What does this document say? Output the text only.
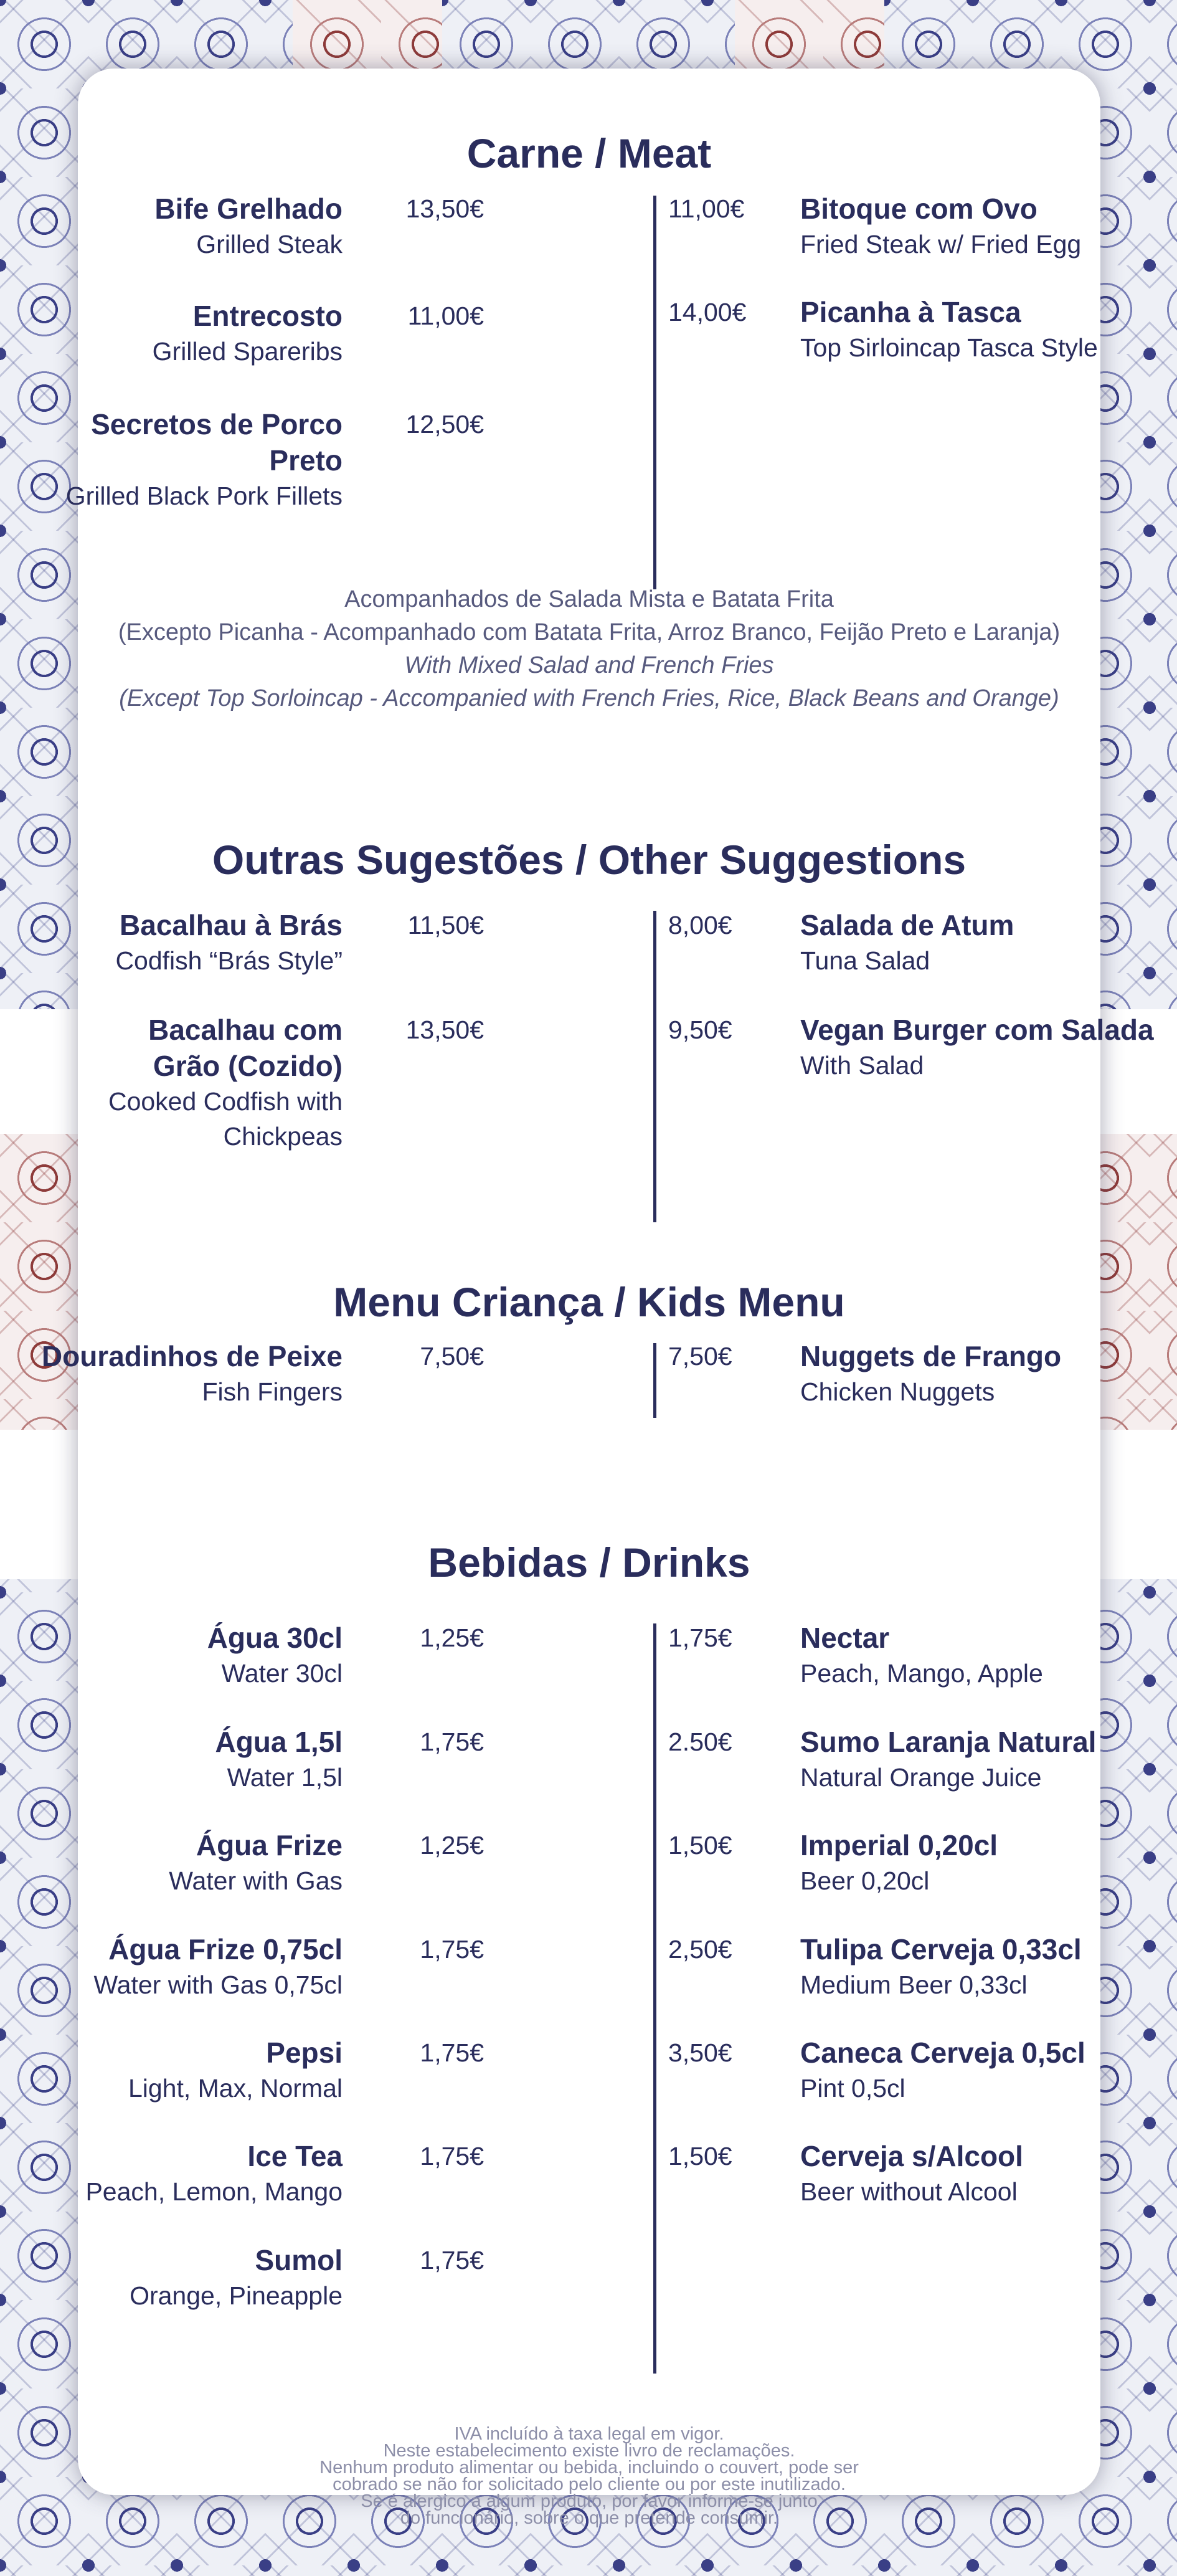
Carne / Meat
Bife Grelhado
Grilled Steak
13,50€	11,00€ Bitoque com Ovo
Fried Steak w/ Fried Egg
Entrecosto
Grilled Spareribs
11,00€	14,00€ Picanha à Tasca
Top Sirloincap Tasca Style
Secretos de Porco Preto
Grilled Black Pork Fillets
12,50€
Acompanhados de Salada Mista e Batata Frita
(Excepto Picanha - Acompanhado com Batata Frita, Arroz Branco, Feijão Preto e Laranja)
With Mixed Salad and French Fries
(Except Top Sorloincap - Accompanied with French Fries, Rice, Black Beans and Orange)
Outras Sugestões / Other Suggestions
Bacalhau à Brás
Codfish “Brás Style”
11,50€	8,00€ Salada de Atum
Tuna Salad
Bacalhau com Grão (Cozido)
Cooked Codfish with Chickpeas
13,50€	9,50€ Vegan Burger com Salada
With Salad
Menu Criança / Kids Menu
Douradinhos de Peixe
Fish Fingers
7,50€	7,50€ Nuggets de Frango
Chicken Nuggets
Bebidas / Drinks
Água 30cl
Water 30cl
1,25€	1,75€ Nectar
Peach, Mango, Apple
Água 1,5l
Water 1,5l
1,75€	2.50€ Sumo Laranja Natural
Natural Orange Juice
Água Frize
Water with Gas
1,25€	1,50€ Imperial 0,20cl
Beer 0,20cl
Água Frize 0,75cl
Water with Gas 0,75cl
1,75€	2,50€ Tulipa Cerveja 0,33cl
Medium Beer 0,33cl
Pepsi
Light, Max, Normal
1,75€	3,50€ Caneca Cerveja 0,5cl
Pint 0,5cl
Ice Tea
Peach, Lemon, Mango
1,75€	1,50€ Cerveja s/Alcool
Beer without Alcool
Sumol
Orange, Pineapple
1,75€
IVA incluído à taxa legal em vigor.
Neste estabelecimento existe livro de reclamações.
Nenhum produto alimentar ou bebida, incluindo o couvert, pode ser
cobrado se não for solicitado pelo cliente ou por este inutilizado.
Se é alergico a algum produto, por favor informe-se junto
do funcionário, sobre o que pretende consumir.
